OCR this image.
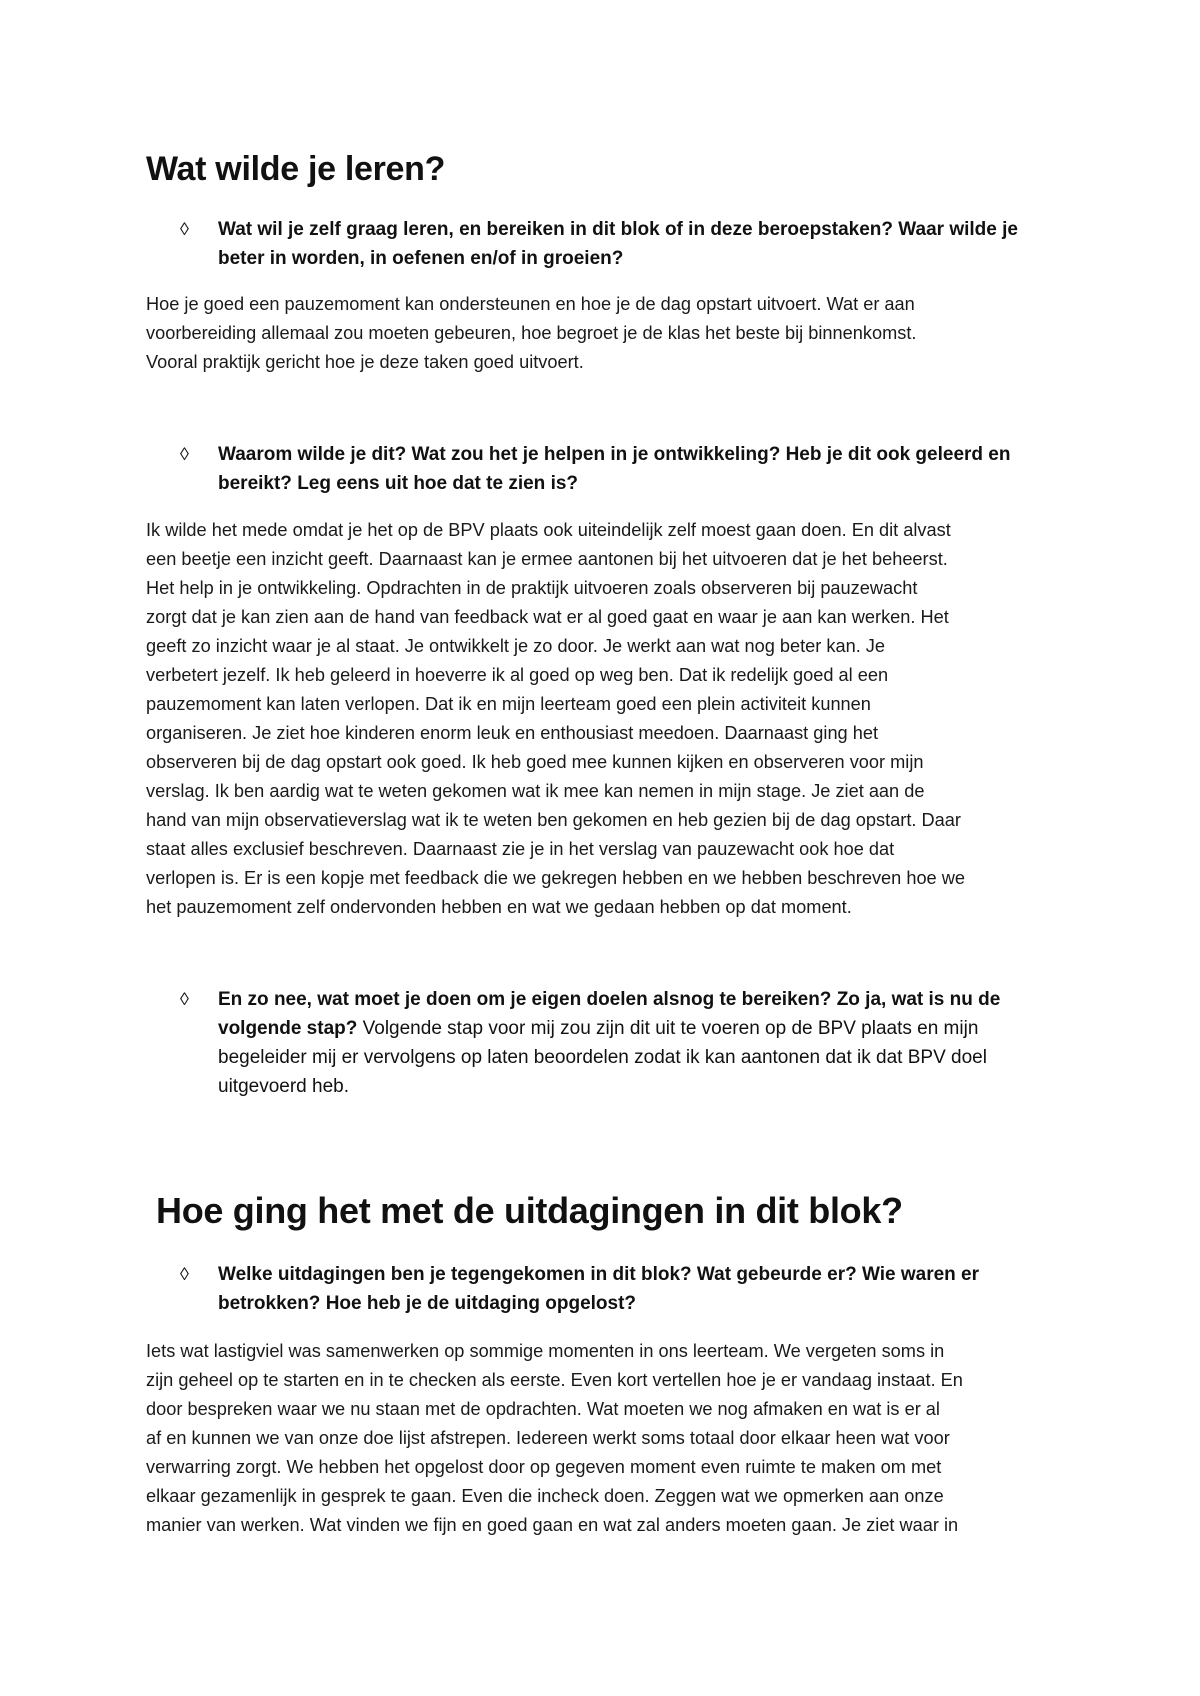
Wat wilde je leren?
◊	Wat wil je zelf graag leren, en bereiken in dit blok of in deze beroepstaken? Waar wilde je beter in worden, in oefenen en/of in groeien?
Hoe je goed een pauzemoment kan ondersteunen en hoe je de dag opstart uitvoert. Wat er aan
voorbereiding allemaal zou moeten gebeuren, hoe begroet je de klas het beste bij binnenkomst.
Vooral praktijk gericht hoe je deze taken goed uitvoert.
◊	Waarom wilde je dit? Wat zou het je helpen in je ontwikkeling? Heb je dit ook geleerd en bereikt? Leg eens uit hoe dat te zien is?
Ik wilde het mede omdat je het op de BPV plaats ook uiteindelijk zelf moest gaan doen. En dit alvast
een beetje een inzicht geeft. Daarnaast kan je ermee aantonen bij het uitvoeren dat je het beheerst.
Het help in je ontwikkeling. Opdrachten in de praktijk uitvoeren zoals observeren bij pauzewacht
zorgt dat je kan zien aan de hand van feedback wat er al goed gaat en waar je aan kan werken. Het
geeft zo inzicht waar je al staat. Je ontwikkelt je zo door. Je werkt aan wat nog beter kan. Je
verbetert jezelf. Ik heb geleerd in hoeverre ik al goed op weg ben. Dat ik redelijk goed al een
pauzemoment kan laten verlopen. Dat ik en mijn leerteam goed een plein activiteit kunnen
organiseren. Je ziet hoe kinderen enorm leuk en enthousiast meedoen. Daarnaast ging het
observeren bij de dag opstart ook goed. Ik heb goed mee kunnen kijken en observeren voor mijn
verslag. Ik ben aardig wat te weten gekomen wat ik mee kan nemen in mijn stage. Je ziet aan de
hand van mijn observatieverslag wat ik te weten ben gekomen en heb gezien bij de dag opstart. Daar
staat alles exclusief beschreven. Daarnaast zie je in het verslag van pauzewacht ook hoe dat
verlopen is. Er is een kopje met feedback die we gekregen hebben en we hebben beschreven hoe we
het pauzemoment zelf ondervonden hebben en wat we gedaan hebben op dat moment.
◊	En zo nee, wat moet je doen om je eigen doelen alsnog te bereiken? Zo ja, wat is nu de volgende stap? Volgende stap voor mij zou zijn dit uit te voeren op de BPV plaats en mijn begeleider mij er vervolgens op laten beoordelen zodat ik kan aantonen dat ik dat BPV doel uitgevoerd heb.
Hoe ging het met de uitdagingen in dit blok?
◊	Welke uitdagingen ben je tegengekomen in dit blok? Wat gebeurde er? Wie waren er betrokken? Hoe heb je de uitdaging opgelost?
Iets wat lastigviel was samenwerken op sommige momenten in ons leerteam. We vergeten soms in
zijn geheel op te starten en in te checken als eerste. Even kort vertellen hoe je er vandaag instaat. En
door bespreken waar we nu staan met de opdrachten. Wat moeten we nog afmaken en wat is er al
af en kunnen we van onze doe lijst afstrepen. Iedereen werkt soms totaal door elkaar heen wat voor
verwarring zorgt. We hebben het opgelost door op gegeven moment even ruimte te maken om met
elkaar gezamenlijk in gesprek te gaan. Even die incheck doen. Zeggen wat we opmerken aan onze
manier van werken. Wat vinden we fijn en goed gaan en wat zal anders moeten gaan. Je ziet waar in
